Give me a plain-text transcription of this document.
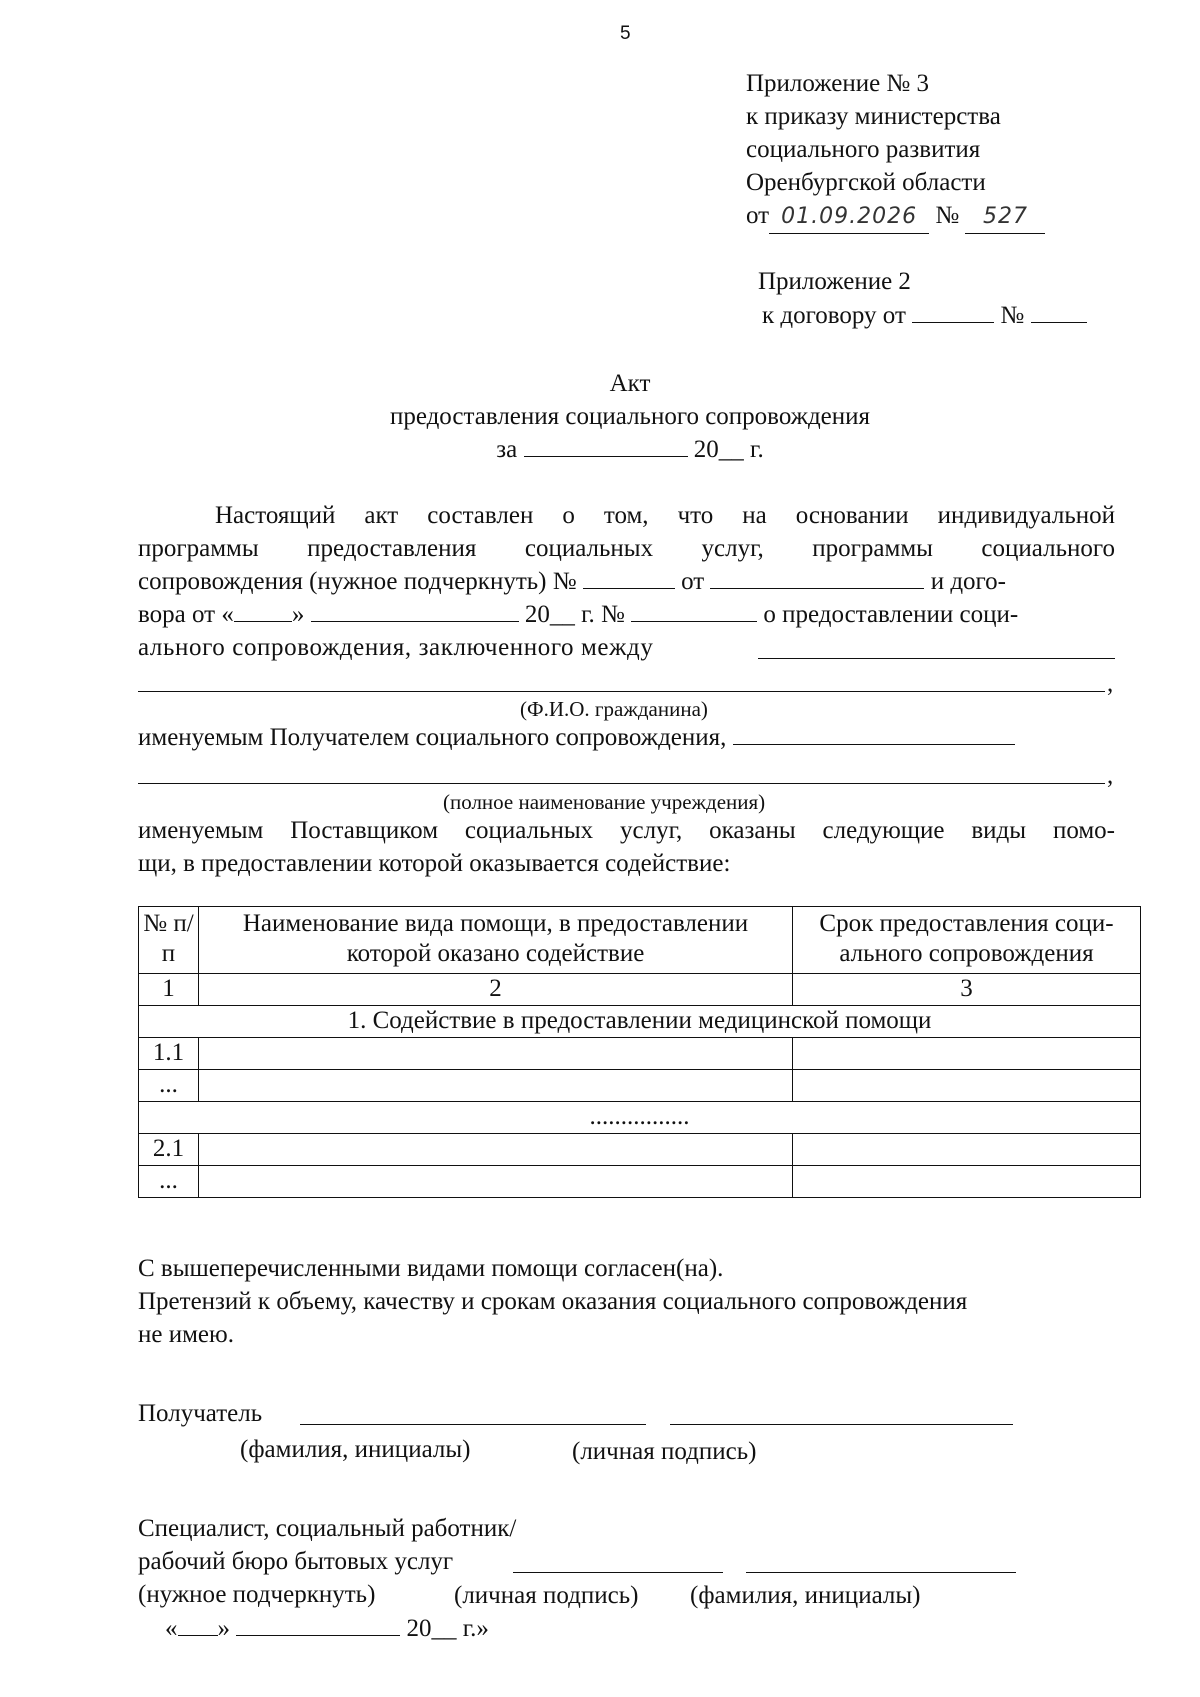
5
Приложение № 3
к приказу министерства
социального развития
Оренбургской области
от 01.09.2026 № 527
Приложение 2
к договору от	№
Акт
предоставления социального сопровождения
за	20__ г.
Настоящий акт составлен о том, что на основании индивидуальной
программы предоставления социальных услуг, программы социального
сопровождения (нужное подчеркнуть) №	от	и дого-
вора от « »	20__ г. №	о предоставлении соци-
ального сопровождения, заключенного между
,
(Ф.И.О. гражданина)
именуемым Получателем социального сопровождения,
,
(полное наименование учреждения)
именуемым Поставщиком социальных услуг, оказаны следующие виды помо-
щи, в предоставлении которой оказывается содействие:
№ п/п	Наименование вида помощи, в предоставлении которой оказано содействие	Срок предоставления соци-ального сопровождения
1	2	3
1. Содействие в предоставлении медицинской помощи		
1.1		
...		
................		
2.1		
...		
С вышеперечисленными видами помощи согласен(на).
Претензий к объему, качеству и срокам оказания социального сопровождения
не имею.
Получатель
(фамилия, инициалы)	(личная подпись)
Специалист, социальный работник/
рабочий бюро бытовых услуг
(нужное подчеркнуть)	(личная подпись) (фамилия, инициалы)
« »	20__ г.»
